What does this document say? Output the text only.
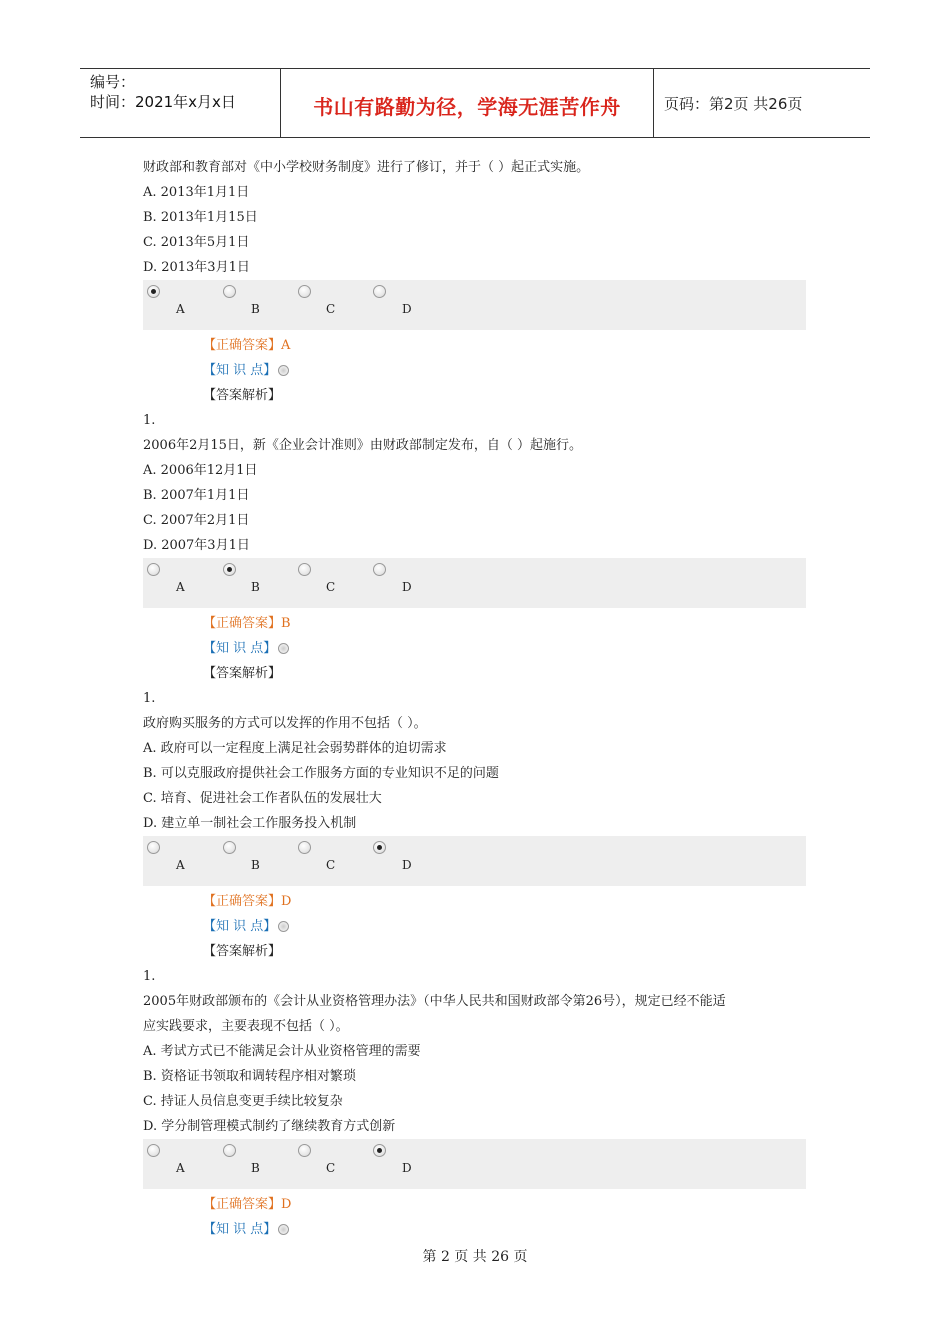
编号：
时间：2021年x月x日	书山有路勤为径，学海无涯苦作舟	页码：第2页 共26页
财政部和教育部对《中小学校财务制度》进行了修订，并于（ ）起正式实施。
A. 2013年1月1日
B. 2013年1月15日
C. 2013年5月1日
D. 2013年3月1日
A	B	C	D
【正确答案】A
【知 识 点】
【答案解析】
1.
2006年2月15日，新《企业会计准则》由财政部制定发布，自（ ）起施行。
A. 2006年12月1日
B. 2007年1月1日
C. 2007年2月1日
D. 2007年3月1日
A	B	C	D
【正确答案】B
【知 识 点】
【答案解析】
1.
政府购买服务的方式可以发挥的作用不包括（ ）。
A. 政府可以一定程度上满足社会弱势群体的迫切需求
B. 可以克服政府提供社会工作服务方面的专业知识不足的问题
C. 培育、促进社会工作者队伍的发展壮大
D. 建立单一制社会工作服务投入机制
A	B	C	D
【正确答案】D
【知 识 点】
【答案解析】
1.
2005年财政部颁布的《会计从业资格管理办法》（中华人民共和国财政部令第26号），规定已经不能适
应实践要求，主要表现不包括（ ）。
A. 考试方式已不能满足会计从业资格管理的需要
B. 资格证书领取和调转程序相对繁琐
C. 持证人员信息变更手续比较复杂
D. 学分制管理模式制约了继续教育方式创新
A	B	C	D
【正确答案】D
【知 识 点】
第 2 页 共 26 页
